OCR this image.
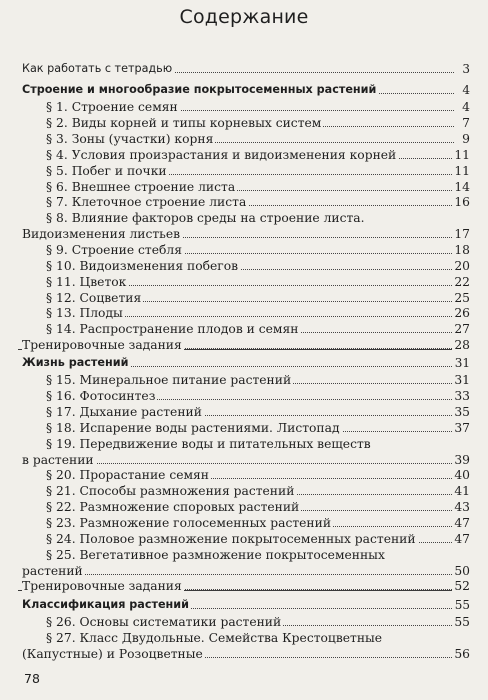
Содержание
Как работать с тетрадью	3
Строение и многообразие покрытосеменных растений	4
§ 1. Строение семян	4
§ 2. Виды корней и типы корневых систем	7
§ 3. Зоны (участки) корня	9
§ 4. Условия произрастания и видоизменения корней	11
§ 5. Побег и почки	11
§ 6. Внешнее строение листа	14
§ 7. Клеточное строение листа	16
§ 8. Влияние факторов среды на строение листа.
Видоизменения листьев	17
§ 9. Строение стебля	18
§ 10. Видоизменения побегов	20
§ 11. Цветок	22
§ 12. Соцветия	25
§ 13. Плоды	26
§ 14. Распространение плодов и семян	27
Тренировочные задания	28
Жизнь растений	31
§ 15. Минеральное питание растений	31
§ 16. Фотосинтез	33
§ 17. Дыхание растений	35
§ 18. Испарение воды растениями. Листопад	37
§ 19. Передвижение воды и питательных веществ
в растении	39
§ 20. Прорастание семян	40
§ 21. Способы размножения растений	41
§ 22. Размножение споровых растений	43
§ 23. Размножение голосеменных растений	47
§ 24. Половое размножение покрытосеменных растений	47
§ 25. Вегетативное размножение покрытосеменных
растений	50
Тренировочные задания	52
Классификация растений	55
§ 26. Основы систематики растений	55
§ 27. Класс Двудольные. Семейства Крестоцветные
(Капустные) и Розоцветные	56
78
